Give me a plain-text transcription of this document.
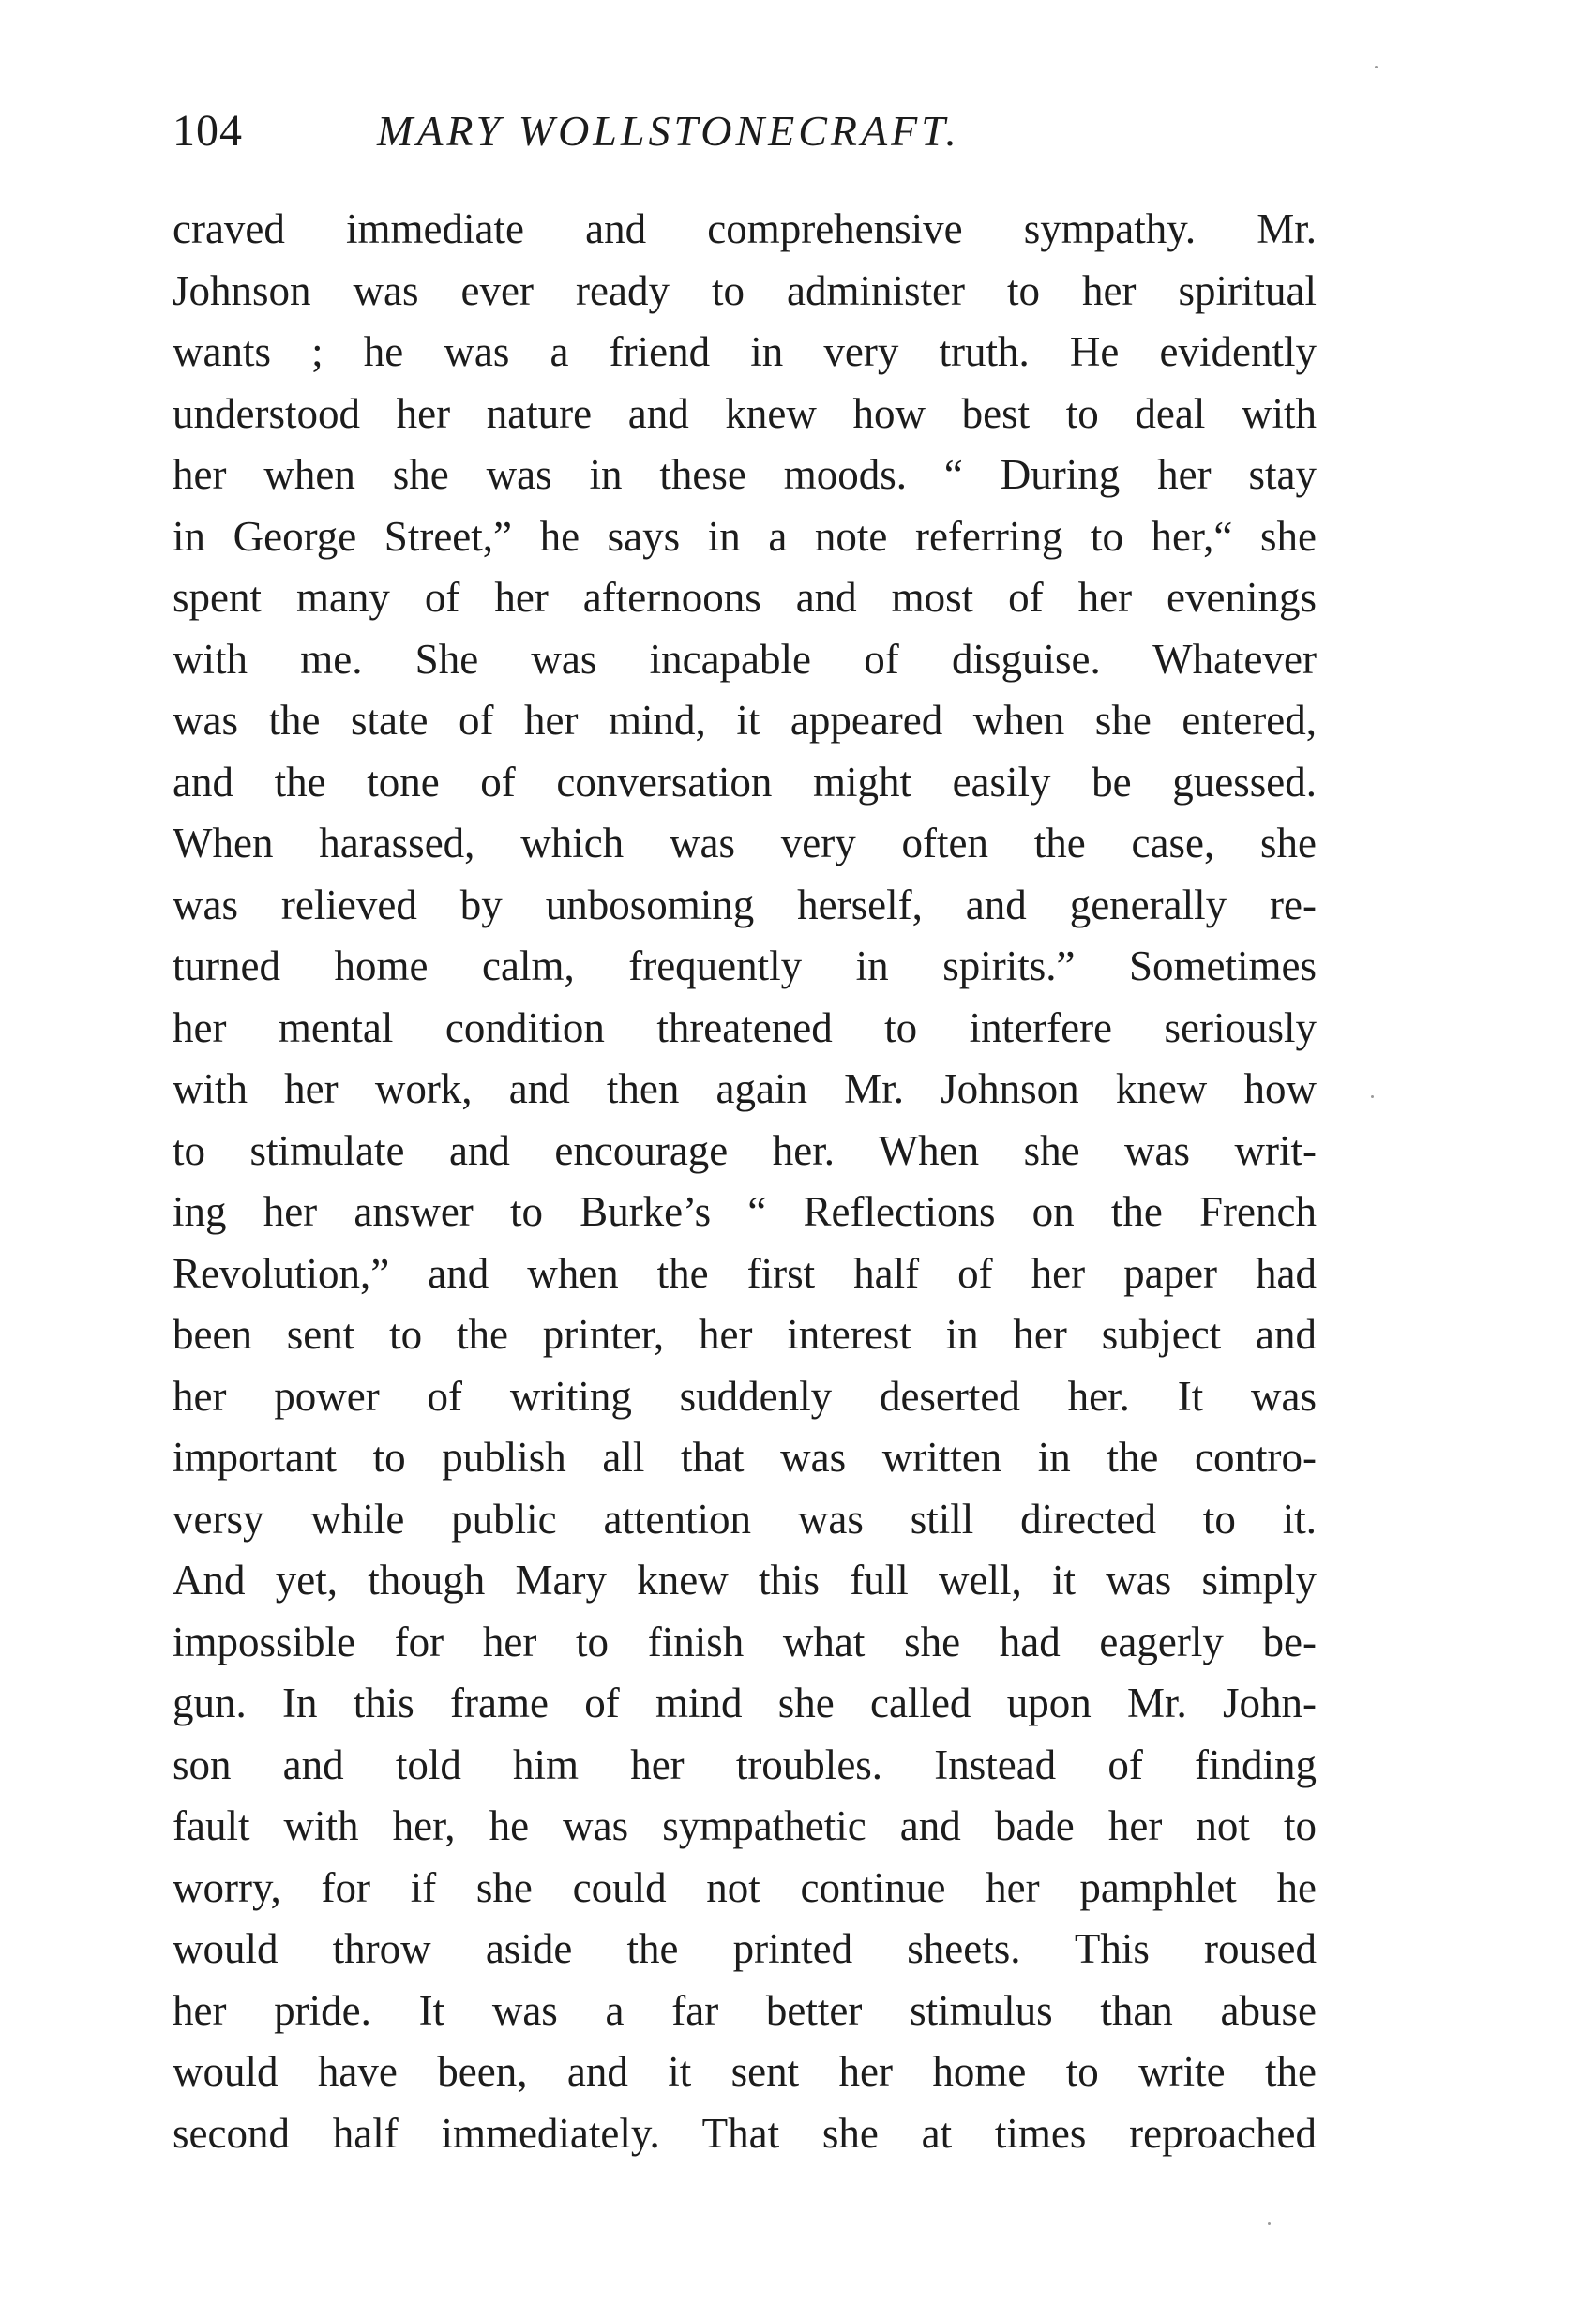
104	MARY WOLLSTONECRAFT.
craved immediate and comprehensive sympathy. Mr.
Johnson was ever ready to administer to her spiritual
wants ; he was a friend in very truth. He evidently
understood her nature and knew how best to deal with
her when she was in these moods. “ During her stay
in George Street,” he says in a note referring to her,“ she
spent many of her afternoons and most of her evenings
with me. She was incapable of disguise. Whatever
was the state of her mind, it appeared when she entered,
and the tone of conversation might easily be guessed.
When harassed, which was very often the case, she
was relieved by unbosoming herself, and generally re-
turned home calm, frequently in spirits.” Sometimes
her mental condition threatened to interfere seriously
with her work, and then again Mr. Johnson knew how
to stimulate and encourage her. When she was writ-
ing her answer to Burke’s “ Reflections on the French
Revolution,” and when the first half of her paper had
been sent to the printer, her interest in her subject and
her power of writing suddenly deserted her. It was
important to publish all that was written in the contro-
versy while public attention was still directed to it.
And yet, though Mary knew this full well, it was simply
impossible for her to finish what she had eagerly be-
gun. In this frame of mind she called upon Mr. John-
son and told him her troubles. Instead of finding
fault with her, he was sympathetic and bade her not to
worry, for if she could not continue her pamphlet he
would throw aside the printed sheets. This roused
her pride. It was a far better stimulus than abuse
would have been, and it sent her home to write the
second half immediately. That she at times reproached
